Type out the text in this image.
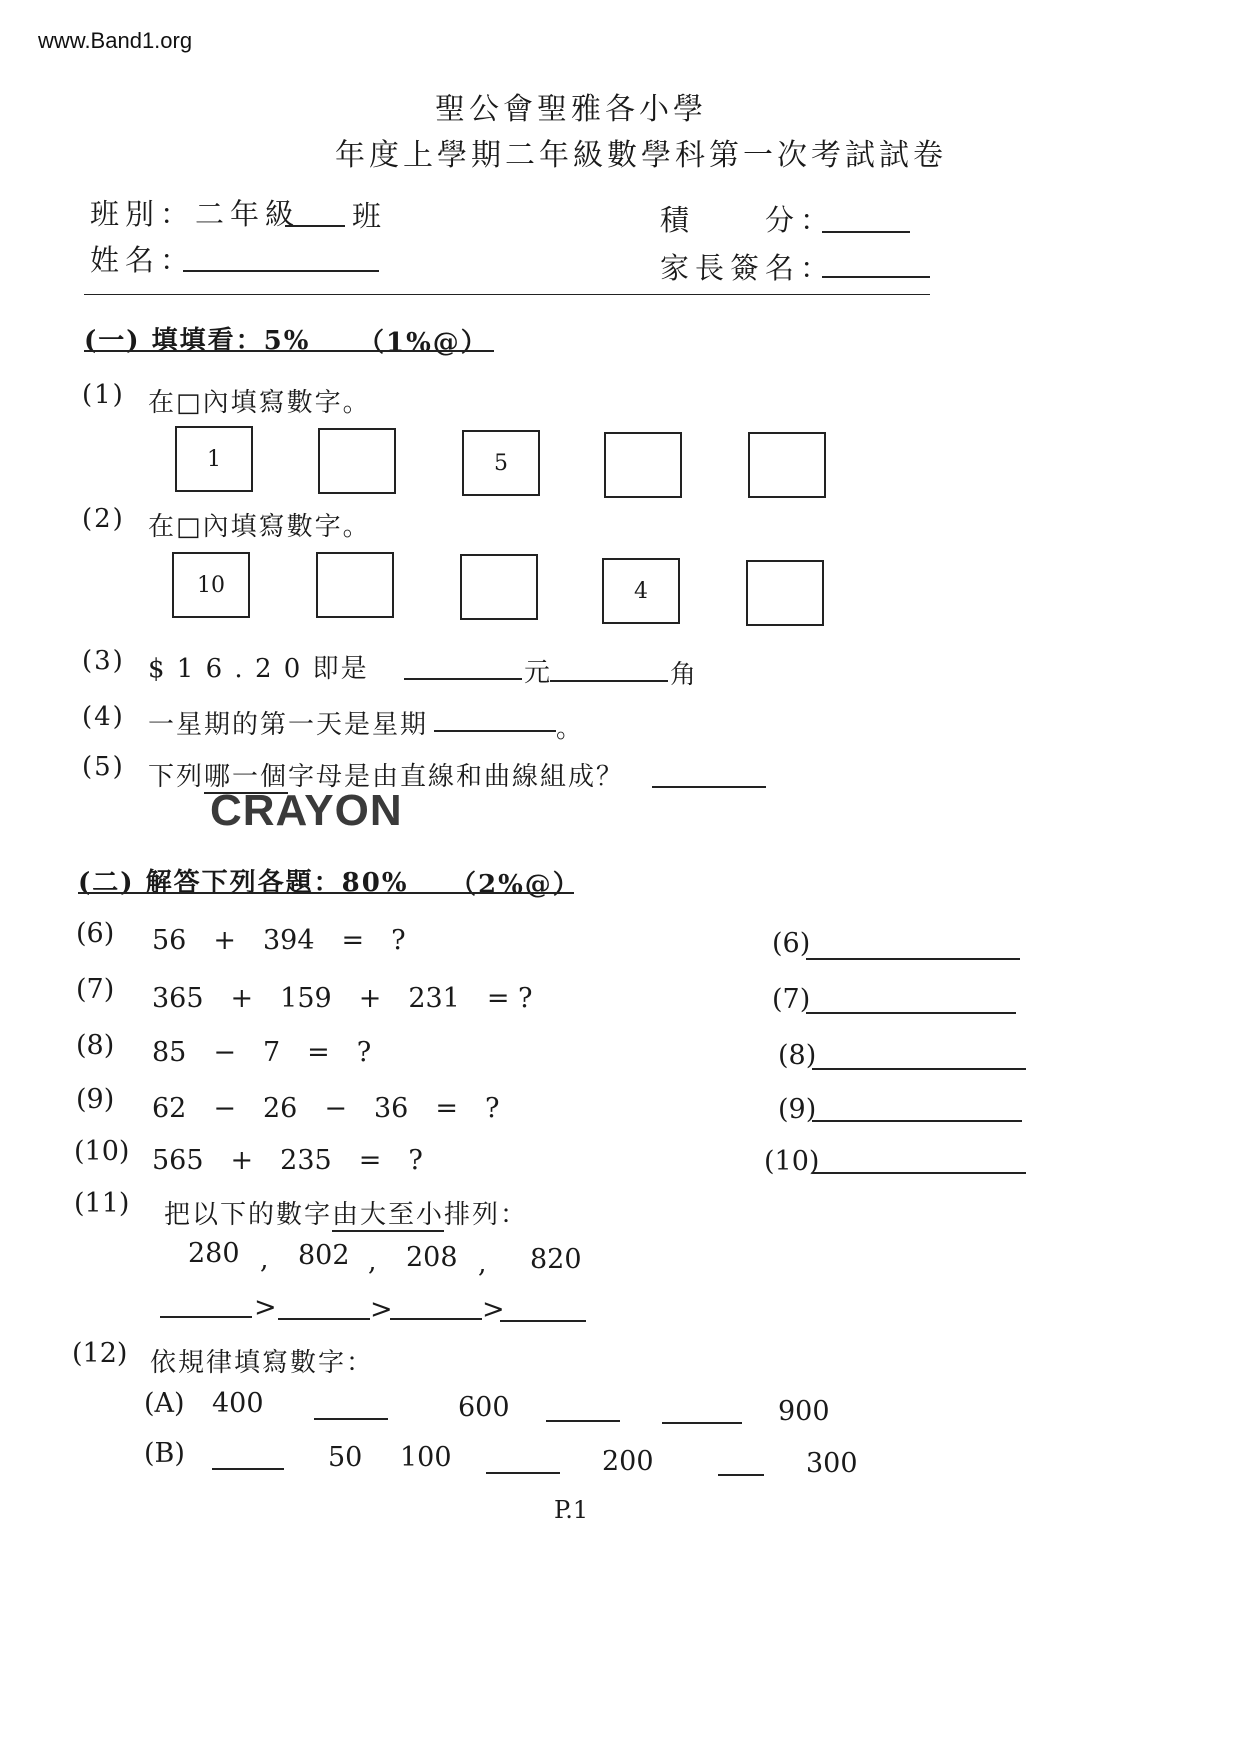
www.Band1.org
聖公會聖雅各小學
年度上學期二年級數學科第一次考試試卷
班別：二年級 班
姓名：
積　　分：
家長簽名：
(一) 填填看：5% （1%@）
(1) 在□內填寫數字。
1	5
(2) 在□內填寫數字。
10	4
(3) $ 1 6 . 2 0 即是	元	角
(4) 一星期的第一天是星期	。
(5) 下列哪一個字母是由直線和曲線組成？
CRAYON
(二) 解答下列各題：80% （2%@）
(6) 56　+　394　=　?	(6)
(7) 365　+　159　+　231　= ?	(7)
(8) 85　−　7　=　?	(8)
(9) 62　−　26　−　36　=　?	(9)
(10) 565　+　235　=　?	(10)
(11) 把以下的數字由大至小排列：
280 , 802 , 208 , 820
>	>	>
(12) 依規律填寫數字：
(A) 400	600	900
(B)	50 100	200	300
P.1
